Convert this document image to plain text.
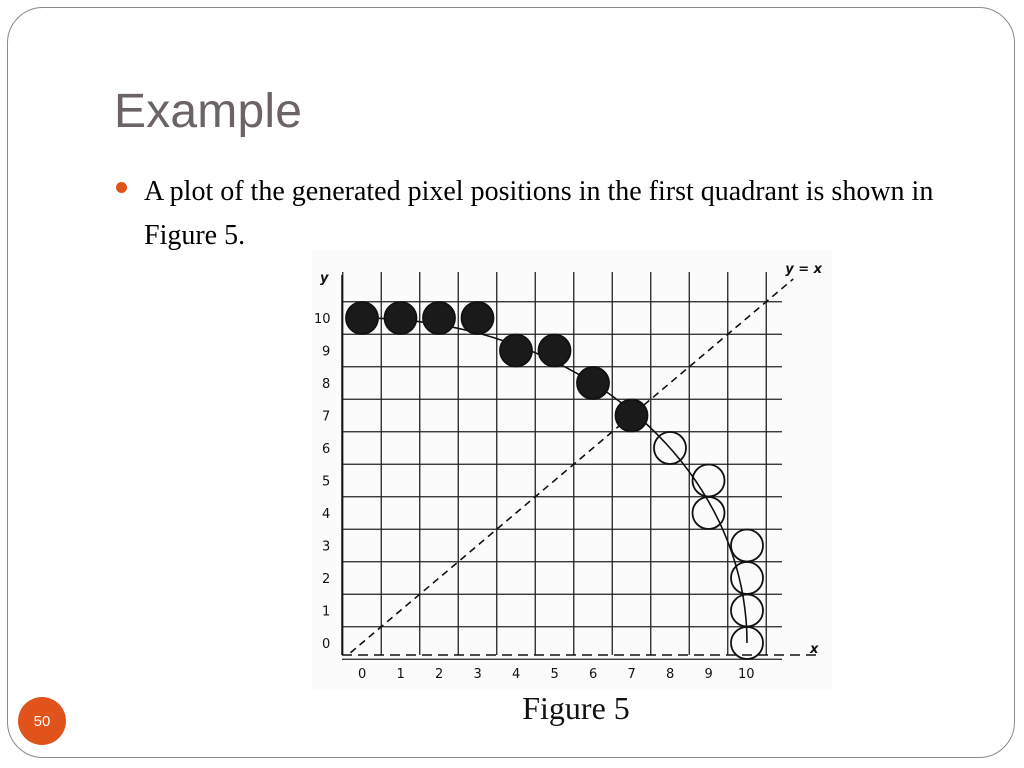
Example

A plot of the generated pixel positions in the first quadrant is shown in Figure 5.

y = x
0 1 2 3 4 5 6 7 8 9 10
0
1
2
3
4
5
6
7
8
9
10
x
y

Figure 5

50
